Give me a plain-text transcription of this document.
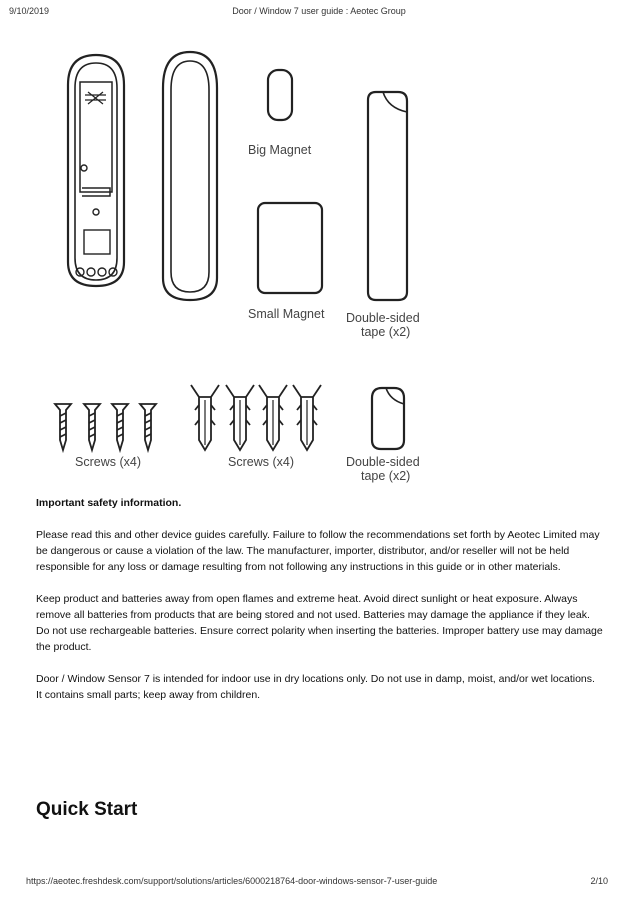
9/10/2019	Door / Window 7 user guide : Aeotec Group
Big Magnet
Small Magnet Double-sided
tape (x2)
Screws (x4)	Screws (x4)	Double-sided
tape (x2)

Important safety information.

Please read this and other device guides carefully. Failure to follow the recommendations set forth by Aeotec Limited may be dangerous or cause a violation of the law. The manufacturer, importer, distributor, and/or reseller will not be held responsible for any loss or damage resulting from not following any instructions in this guide or in other materials.

Keep product and batteries away from open flames and extreme heat. Avoid direct sunlight or heat exposure. Always remove all batteries from products that are being stored and not used. Batteries may damage the appliance if they leak. Do not use rechargeable batteries. Ensure correct polarity when inserting the batteries. Improper battery use may damage the product.

Door / Window Sensor 7 is intended for indoor use in dry locations only. Do not use in damp, moist, and/or wet locations.

It contains small parts; keep away from children.

Quick Start
https://aeotec.freshdesk.com/support/solutions/articles/6000218764-door-windows-sensor-7-user-guide	2/10
